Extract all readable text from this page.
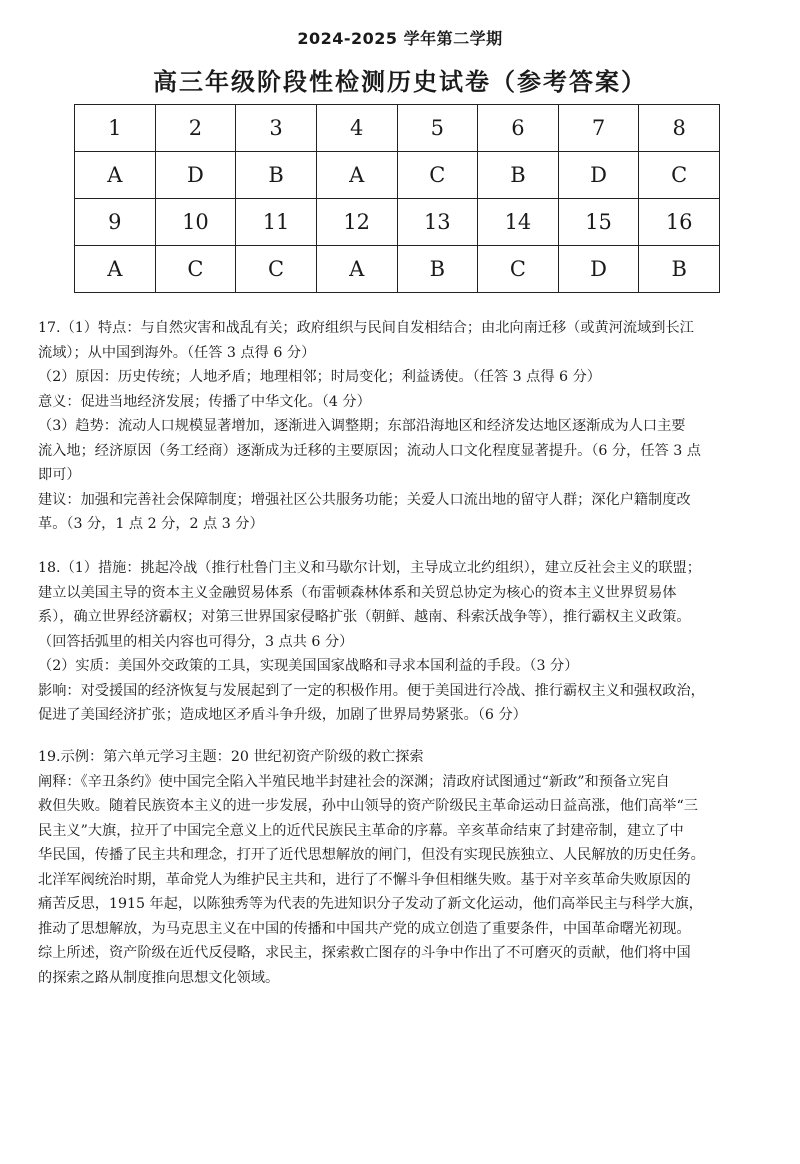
2024-2025 学年第二学期
高三年级阶段性检测历史试卷（参考答案）
1	2	3	4	5	6	7	8
A	D	B	A	C	B	D	C
9	10	11	12	13	14	15	16
A	C	C	A	B	C	D	B

17.（1）特点：与自然灾害和战乱有关；政府组织与民间自发相结合；由北向南迁移（或黄河流域到长江

流域）；从中国到海外。（任答 3 点得 6 分）

（2）原因：历史传统；人地矛盾；地理相邻；时局变化；利益诱使。（任答 3 点得 6 分）

意义：促进当地经济发展；传播了中华文化。（4 分）

（3）趋势：流动人口规模显著增加，逐渐进入调整期；东部沿海地区和经济发达地区逐渐成为人口主要

流入地；经济原因（务工经商）逐渐成为迁移的主要原因；流动人口文化程度显著提升。（6 分，任答 3 点

即可）

建议：加强和完善社会保障制度；增强社区公共服务功能；关爱人口流出地的留守人群；深化户籍制度改

革。（3 分，1 点 2 分，2 点 3 分）

18.（1）措施：挑起冷战（推行杜鲁门主义和马歇尔计划，主导成立北约组织），建立反社会主义的联盟；

建立以美国主导的资本主义金融贸易体系（布雷顿森林体系和关贸总协定为核心的资本主义世界贸易体

系），确立世界经济霸权；对第三世界国家侵略扩张（朝鲜、越南、科索沃战争等），推行霸权主义政策。

（回答括弧里的相关内容也可得分，3 点共 6 分）

（2）实质：美国外交政策的工具，实现美国国家战略和寻求本国利益的手段。（3 分）

影响：对受援国的经济恢复与发展起到了一定的积极作用。便于美国进行冷战、推行霸权主义和强权政治，

促进了美国经济扩张；造成地区矛盾斗争升级，加剧了世界局势紧张。（6 分）

19.示例：第六单元学习主题：20 世纪初资产阶级的救亡探索

阐释：《辛丑条约》使中国完全陷入半殖民地半封建社会的深渊；清政府试图通过“新政”和预备立宪自

救但失败。随着民族资本主义的进一步发展，孙中山领导的资产阶级民主革命运动日益高涨，他们高举“三

民主义”大旗，拉开了中国完全意义上的近代民族民主革命的序幕。辛亥革命结束了封建帝制，建立了中

华民国，传播了民主共和理念，打开了近代思想解放的闸门，但没有实现民族独立、人民解放的历史任务。

北洋军阀统治时期，革命党人为维护民主共和，进行了不懈斗争但相继失败。基于对辛亥革命失败原因的

痛苦反思，1915 年起，以陈独秀等为代表的先进知识分子发动了新文化运动，他们高举民主与科学大旗，

推动了思想解放，为马克思主义在中国的传播和中国共产党的成立创造了重要条件，中国革命曙光初现。

综上所述，资产阶级在近代反侵略，求民主，探索救亡图存的斗争中作出了不可磨灭的贡献，他们将中国

的探索之路从制度推向思想文化领域。
